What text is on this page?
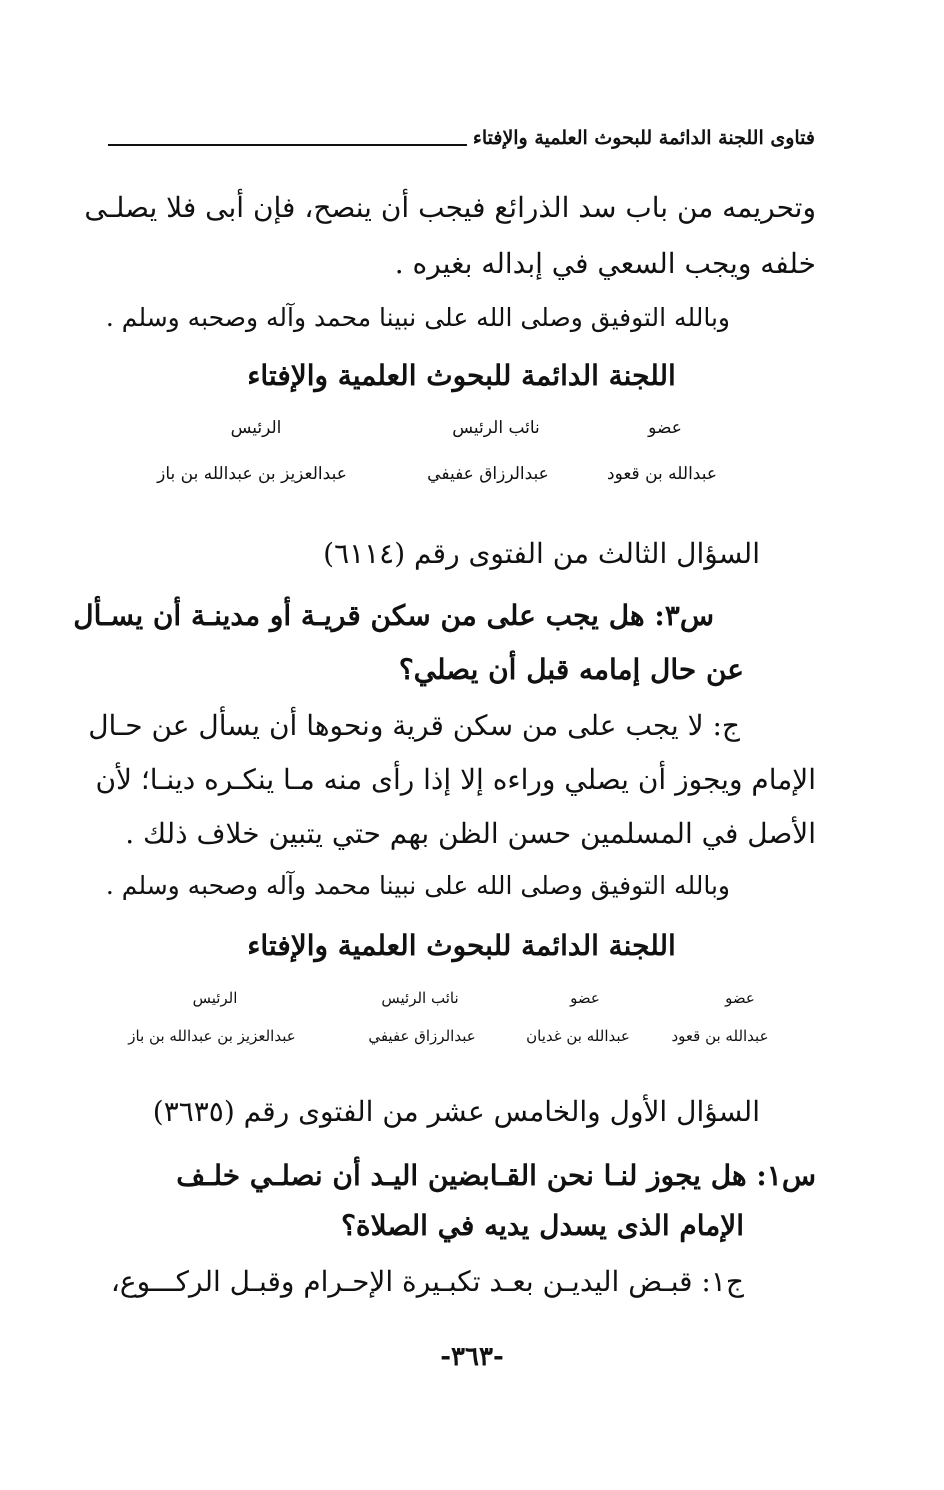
فتاوى اللجنة الدائمة للبحوث العلمية والإفتاء
وتحريمه من باب سد الذرائع فيجب أن ينصح، فإن أبى فلا يصلـى
خلفه ويجب السعي في إبداله بغيره .
وبالله التوفيق وصلى الله على نبينا محمد وآله وصحبه وسلم .
اللجنة الدائمة للبحوث العلمية والإفتاء
عضو
نائب الرئيس
الرئيس
عبدالله بن قعود
عبدالرزاق عفيفي
عبدالعزيز بن عبدالله بن باز
السؤال الثالث من الفتوى رقم (٦١١٤)
س٣: هل يجب على من سكن قريـة أو مدينـة أن يسـأل
عن حال إمامه قبل أن يصلي؟
ج: لا يجب على من سكن قرية ونحوها أن يسأل عن حـال
الإمام ويجوز أن يصلي وراءه إلا إذا رأى منه مـا ينكـره دينـا؛ لأن
الأصل في المسلمين حسن الظن بهم حتي يتبين خلاف ذلك .
وبالله التوفيق وصلى الله على نبينا محمد وآله وصحبه وسلم .
اللجنة الدائمة للبحوث العلمية والإفتاء
عضو
عضو
نائب الرئيس
الرئيس
عبدالله بن قعود
عبدالله بن غديان
عبدالرزاق عفيفي
عبدالعزيز بن عبدالله بن باز
السؤال الأول والخامس عشر من الفتوى رقم (٣٦٣٥)
س١: هل يجوز لنـا نحن القـابضين اليـد أن نصلـي خلـف
الإمام الذى يسدل يديه في الصلاة؟
ج١: قبـض اليديـن بعـد تكبـيرة الإحـرام وقبـل الركـــوع،
-٣٦٣-
